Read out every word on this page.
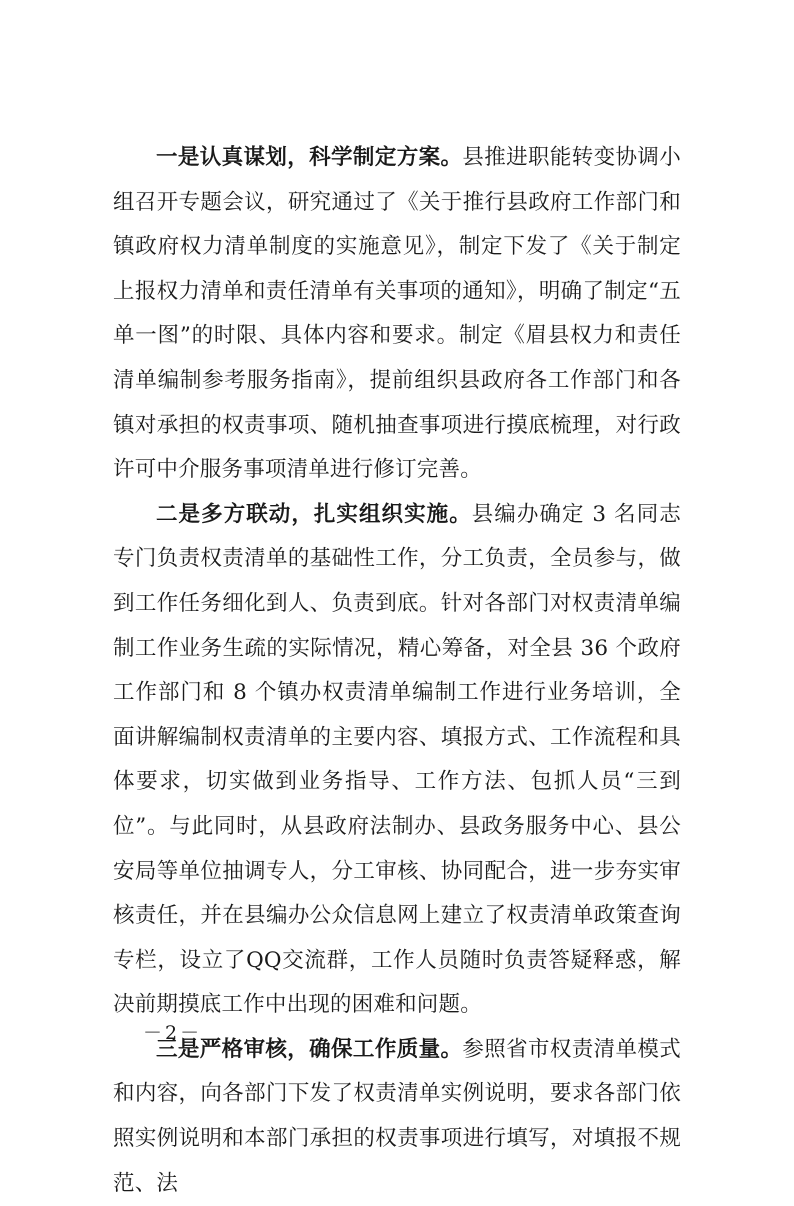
一是认真谋划，科学制定方案。县推进职能转变协调小组召开专题会议，研究通过了《关于推行县政府工作部门和镇政府权力清单制度的实施意见》，制定下发了《关于制定上报权力清单和责任清单有关事项的通知》，明确了制定“五单一图”的时限、具体内容和要求。制定《眉县权力和责任清单编制参考服务指南》，提前组织县政府各工作部门和各镇对承担的权责事项、随机抽查事项进行摸底梳理，对行政许可中介服务事项清单进行修订完善。

二是多方联动，扎实组织实施。县编办确定 3 名同志专门负责权责清单的基础性工作，分工负责，全员参与，做到工作任务细化到人、负责到底。针对各部门对权责清单编制工作业务生疏的实际情况，精心筹备，对全县 36 个政府工作部门和 8 个镇办权责清单编制工作进行业务培训，全面讲解编制权责清单的主要内容、填报方式、工作流程和具体要求，切实做到业务指导、工作方法、包抓人员“三到位”。与此同时，从县政府法制办、县政务服务中心、县公安局等单位抽调专人，分工审核、协同配合，进一步夯实审核责任，并在县编办公众信息网上建立了权责清单政策查询专栏，设立了QQ交流群，工作人员随时负责答疑释惑，解决前期摸底工作中出现的困难和问题。

三是严格审核，确保工作质量。参照省市权责清单模式和内容，向各部门下发了权责清单实例说明，要求各部门依照实例说明和本部门承担的权责事项进行填写，对填报不规范、法

－2－
